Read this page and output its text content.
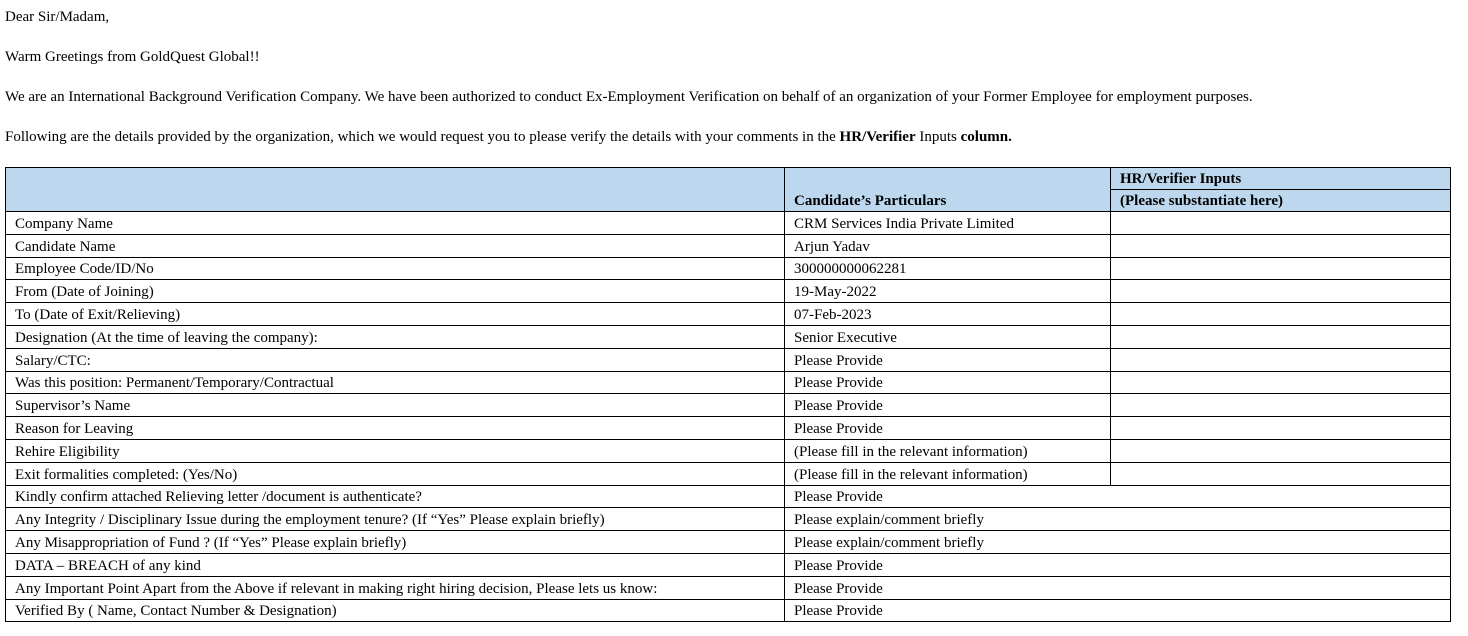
Dear Sir/Madam,

Warm Greetings from GoldQuest Global!!

We are an International Background Verification Company. We have been authorized to conduct Ex-Employment Verification on behalf of an organization of your Former Employee for employment purposes.

Following are the details provided by the organization, which we would request you to please verify the details with your comments in the HR/Verifier Inputs column.

	Candidate’s Particulars	HR/Verifier Inputs
		(Please substantiate here)
Company Name	CRM Services India Private Limited	
Candidate Name	Arjun Yadav	
Employee Code/ID/No	300000000062281	
From (Date of Joining)	19-May-2022	
To (Date of Exit/Relieving)	07-Feb-2023	
Designation (At the time of leaving the company):	Senior Executive	
Salary/CTC:	Please Provide	
Was this position: Permanent/Temporary/Contractual	Please Provide	
Supervisor’s Name	Please Provide	
Reason for Leaving	Please Provide	
Rehire Eligibility	(Please fill in the relevant information)	
Exit formalities completed: (Yes/No)	(Please fill in the relevant information)	
Kindly confirm attached Relieving letter /document is authenticate?	Please Provide	
Any Integrity / Disciplinary Issue during the employment tenure? (If “Yes” Please explain briefly)	Please explain/comment briefly	
Any Misappropriation of Fund ? (If “Yes” Please explain briefly)	Please explain/comment briefly	
DATA – BREACH of any kind	Please Provide	
Any Important Point Apart from the Above if relevant in making right hiring decision, Please lets us know:	Please Provide	
Verified By ( Name, Contact Number & Designation)	Please Provide	
